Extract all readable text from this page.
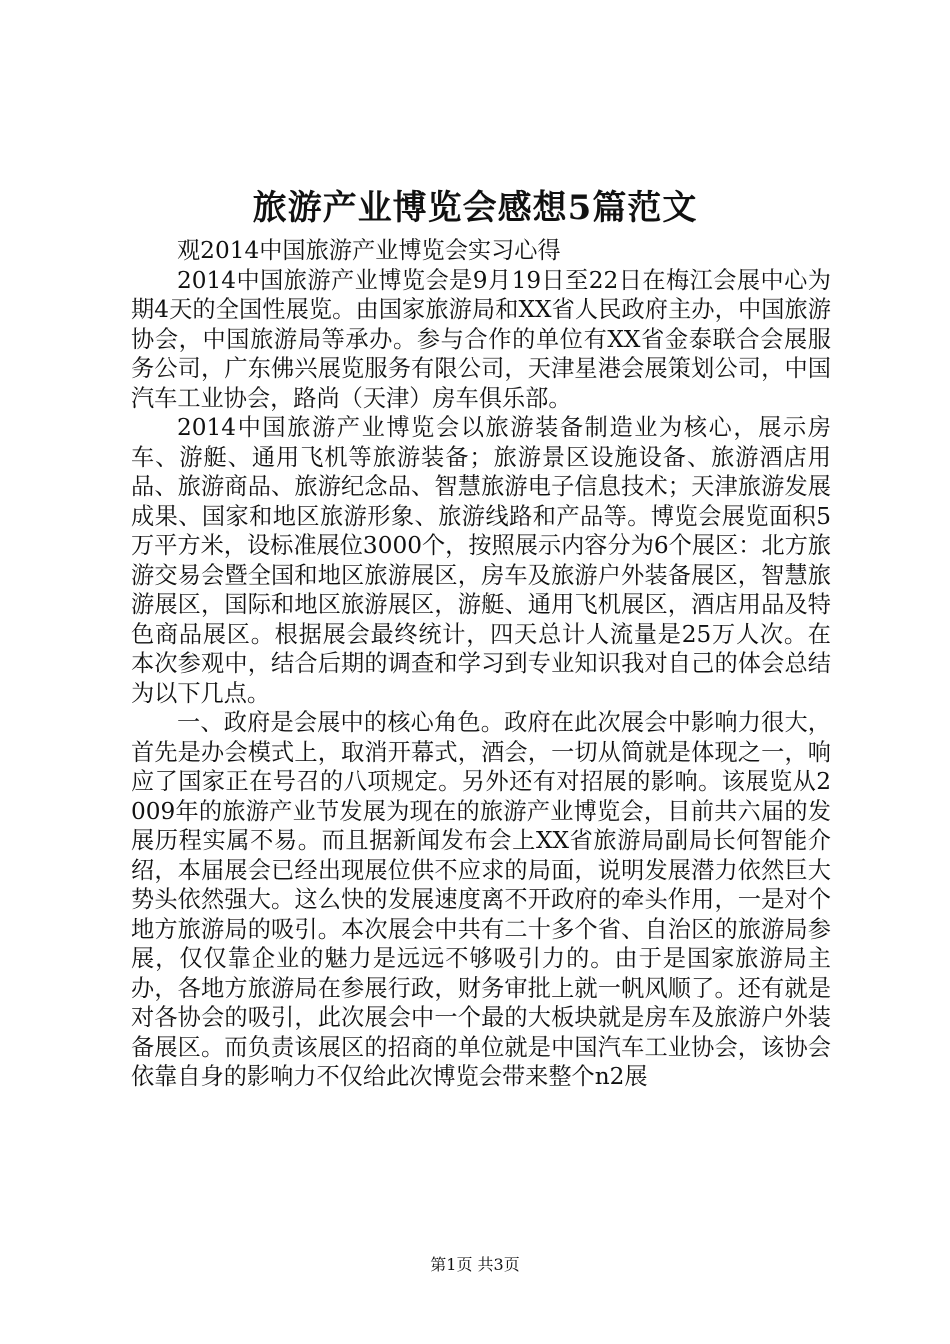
旅游产业博览会感想5篇范文

观2014中国旅游产业博览会实习心得

2014中国旅游产业博览会是9月19日至22日在梅江会展中心为期4天的全国性展览。由国家旅游局和XX省人民政府主办，中国旅游协会，中国旅游局等承办。参与合作的单位有XX省金泰联合会展服务公司，广东佛兴展览服务有限公司，天津星港会展策划公司，中国汽车工业协会，路尚（天津）房车俱乐部。

2014中国旅游产业博览会以旅游装备制造业为核心，展示房车、游艇、通用飞机等旅游装备；旅游景区设施设备、旅游酒店用品、旅游商品、旅游纪念品、智慧旅游电子信息技术；天津旅游发展成果、国家和地区旅游形象、旅游线路和产品等。博览会展览面积5万平方米，设标准展位3000个，按照展示内容分为6个展区：北方旅游交易会暨全国和地区旅游展区，房车及旅游户外装备展区，智慧旅游展区，国际和地区旅游展区，游艇、通用飞机展区，酒店用品及特色商品展区。根据展会最终统计，四天总计人流量是25万人次。在本次参观中，结合后期的调查和学习到专业知识我对自己的体会总结为以下几点。

一、政府是会展中的核心角色。政府在此次展会中影响力很大，首先是办会模式上，取消开幕式，酒会，一切从简就是体现之一，响应了国家正在号召的八项规定。另外还有对招展的影响。该展览从2009年的旅游产业节发展为现在的旅游产业博览会，目前共六届的发展历程实属不易。而且据新闻发布会上XX省旅游局副局长何智能介绍，本届展会已经出现展位供不应求的局面，说明发展潜力依然巨大势头依然强大。这么快的发展速度离不开政府的牵头作用，一是对个地方旅游局的吸引。本次展会中共有二十多个省、自治区的旅游局参展，仅仅靠企业的魅力是远远不够吸引力的。由于是国家旅游局主办，各地方旅游局在参展行政，财务审批上就一帆风顺了。还有就是对各协会的吸引，此次展会中一个最的大板块就是房车及旅游户外装备展区。而负责该展区的招商的单位就是中国汽车工业协会，该协会依靠自身的影响力不仅给此次博览会带来整个n2展

第1页 共3页
